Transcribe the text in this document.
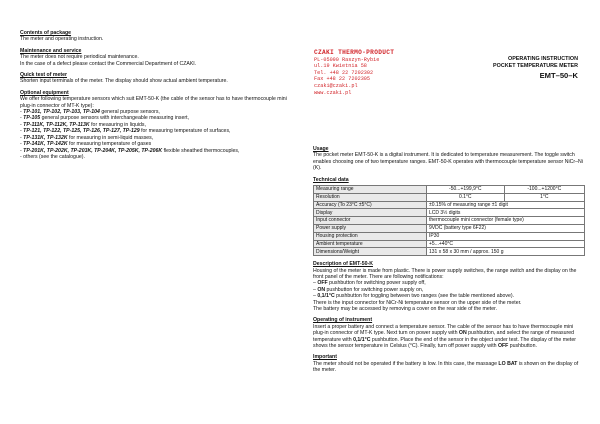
Contents of package
The meter and operating instruction.
Maintenance and service
The meter does not require periodical maintenance.
In the case of a defect please contact the Commercial Department of CZAKI.
Quick test of meter
Shorten input terminals of the meter. The display should show actual ambient temperature.
Optional equipment
We offer following temperature sensors which suit EMT-50-K (the cable of the sensor has to have thermocouple mini plug-in connector of MT-K type):
- TP-101, TP-102, TP-103, TP-104 general purpose sensors,
- TP-105 general purpose sensors with interchangeable measuring insert,
- TP-111K, TP-112K, TP-113K for measuring in liquids,
- TP-121, TP-122, TP-125, TP-126, TP-127, TP-129 for measuring temperature of surfaces,
- TP-131K, TP-132K for measuring in semi-liquid masses,
- TP-141K, TP-142K for measuring temperature of gases
- TP-201K, TP-202K, TP-203K, TP-204K, TP-205K, TP-206K flexible sheathed thermocouples,
- others (see the catalogue).
CZAKI THERMO-PRODUCT
PL-05090 Raszyn-Rybie
ul.19 Kwietnia 58
Tel. +48 22 7202302
Fax +48 22 7202305
czaki@czaki.pl
www.czaki.pl
OPERATING INSTRUCTION
POCKET TEMPERATURE METER
EMT–50–K
Usage
The pocket meter EMT-50-K is a digital instrument. It is dedicated to temperature measurement. The toggle switch enables choosing one of two temperature ranges. EMT-50-K operates with thermocouple temperature sensor NiCr–Ni (K).
Technical data
Measuring range	-50...+199,9°C	-100...+1200°C
Resolution	0.1°C	1°C
Accuracy (To 23°C ±5°C)	±0.15% of measuring range ±1 digit	
Display	LCD 3½ digits	
Input connector	thermocouple mini connector (female type)	
Power supply	9VDC (battery type 6F22)	
Housing protection	IP30	
Ambient temperature	+5...+40°C	
Dimensions/Weight	131 x 58 x 30 mm / approx. 150 g	
Description of EMT-50-K
Housing of the meter is made from plastic. There is power supply switches, the range switch and the display on the front panel of the meter. There are following notifications:
– OFF pushbutton for switching power supply off,
– ON pushbutton for switching power supply on,
– 0,1/1°C pushbutton for toggling between two ranges (see the table mentioned above).
There is the input connector for NiCr-Ni temperature sensor on the upper side of the meter.
The battery may be accessed by removing a cover on the rear side of the meter.
Operating of instrument
Insert a proper battery and connect a temperature sensor. The cable of the sensor has to have thermocouple mini plug-in connector of MT-K type. Next turn on power supply with ON pushbutton, and select the range of measured temperature with 0,1/1°C pushbutton. Place the end of the sensor in the object under test. The display of the meter shows the sensor temperature in Celsius (°C). Finally, turn off power supply with OFF pushbutton.
Important
The meter should not be operated if the battery is low. In this case, the massage LO BAT is shown on the display of the meter.
